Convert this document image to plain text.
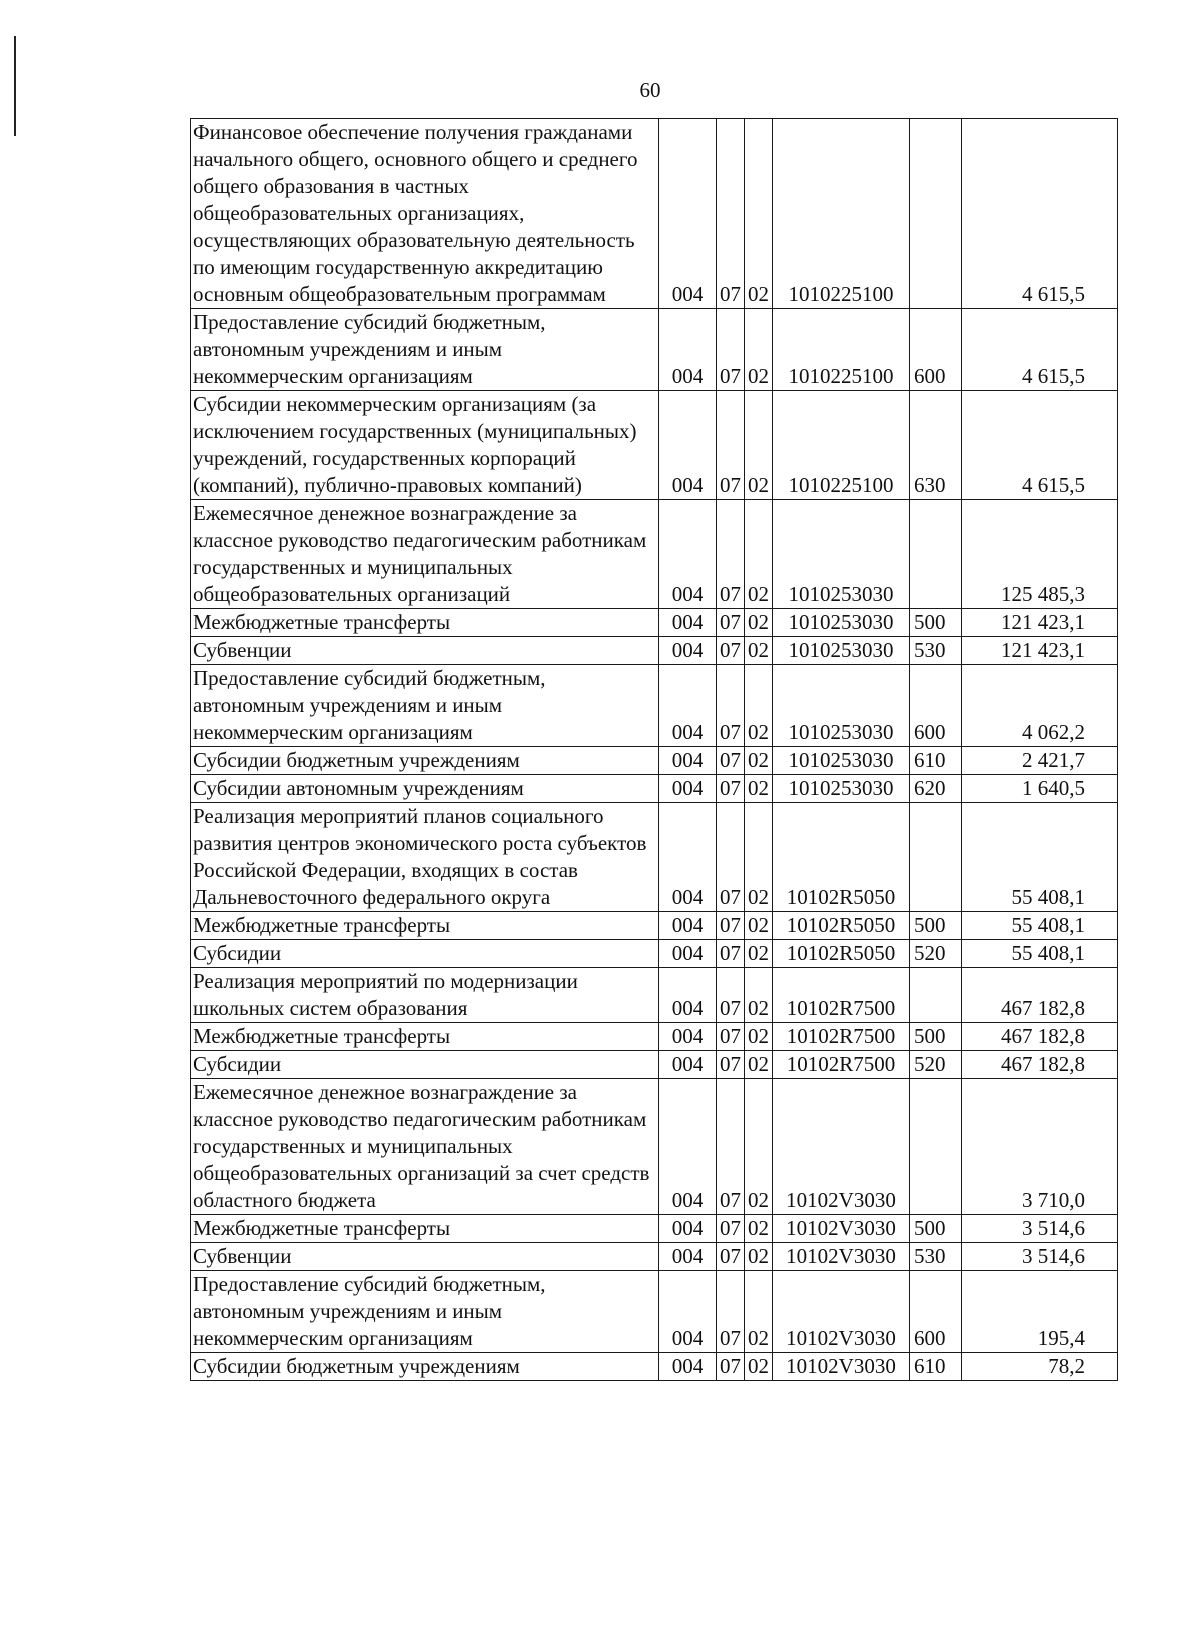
60
Финансовое обеспечение получения гражданами начального общего, основного общего и среднего общего образования в частных общеобразовательных организациях, осуществляющих образовательную деятельность по имеющим государственную аккредитацию основным общеобразовательным программам	004	07	02	1010225100		4 615,5
Предоставление субсидий бюджетным, автономным учреждениям и иным некоммерческим организациям	004	07	02	1010225100	600	4 615,5
Субсидии некоммерческим организациям (за исключением государственных (муниципальных) учреждений, государственных корпораций (компаний), публично-правовых компаний)	004	07	02	1010225100	630	4 615,5
Ежемесячное денежное вознаграждение за классное руководство педагогическим работникам государственных и муниципальных общеобразовательных организаций	004	07	02	1010253030		125 485,3
Межбюджетные трансферты	004	07	02	1010253030	500	121 423,1
Субвенции	004	07	02	1010253030	530	121 423,1
Предоставление субсидий бюджетным, автономным учреждениям и иным некоммерческим организациям	004	07	02	1010253030	600	4 062,2
Субсидии бюджетным учреждениям	004	07	02	1010253030	610	2 421,7
Субсидии автономным учреждениям	004	07	02	1010253030	620	1 640,5
Реализация мероприятий планов социального развития центров экономического роста субъектов Российской Федерации, входящих в состав Дальневосточного федерального округа	004	07	02	10102R5050		55 408,1
Межбюджетные трансферты	004	07	02	10102R5050	500	55 408,1
Субсидии	004	07	02	10102R5050	520	55 408,1
Реализация мероприятий по модернизации школьных систем образования	004	07	02	10102R7500		467 182,8
Межбюджетные трансферты	004	07	02	10102R7500	500	467 182,8
Субсидии	004	07	02	10102R7500	520	467 182,8
Ежемесячное денежное вознаграждение за классное руководство педагогическим работникам государственных и муниципальных общеобразовательных организаций за счет средств областного бюджета	004	07	02	10102V3030		3 710,0
Межбюджетные трансферты	004	07	02	10102V3030	500	3 514,6
Субвенции	004	07	02	10102V3030	530	3 514,6
Предоставление субсидий бюджетным, автономным учреждениям и иным некоммерческим организациям	004	07	02	10102V3030	600	195,4
Субсидии бюджетным учреждениям	004	07	02	10102V3030	610	78,2
